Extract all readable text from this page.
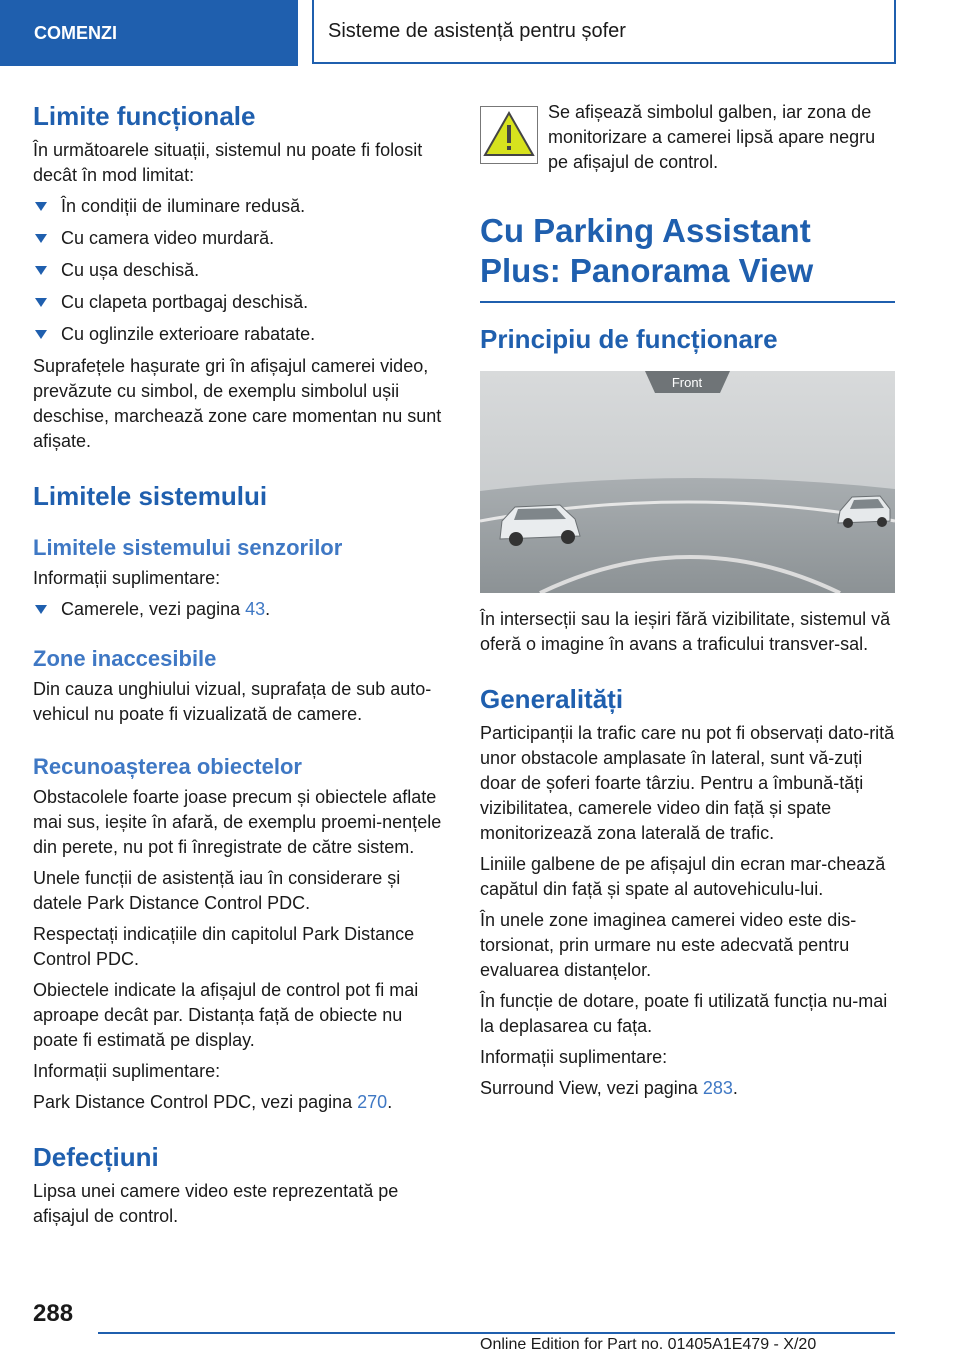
COMENZI	Sisteme de asistență pentru șofer
Limite funcționale

În următoarele situații, sistemul nu poate fi folosit decât în mod limitat:

În condiții de iluminare redusă.
Cu camera video murdară.
Cu ușa deschisă.
Cu clapeta portbagaj deschisă.
Cu oglinzile exterioare rabatate.

Suprafețele hașurate gri în afișajul camerei video, prevăzute cu simbol, de exemplu simbolul ușii deschise, marchează zone care momentan nu sunt afișate.

Limitele sistemului
Limitele sistemului senzorilor

Informații suplimentare:

Camerele, vezi pagina 43.
Zone inaccesibile

Din cauza unghiului vizual, suprafața de sub auto-vehicul nu poate fi vizualizată de camere.

Recunoașterea obiectelor

Obstacolele foarte joase precum și obiectele aflate mai sus, ieșite în afară, de exemplu proemi-nențele din perete, nu pot fi înregistrate de către sistem.

Unele funcții de asistență iau în considerare și datele Park Distance Control PDC.

Respectați indicațiile din capitolul Park Distance Control PDC.

Obiectele indicate la afișajul de control pot fi mai aproape decât par. Distanța față de obiecte nu poate fi estimată pe display.

Informații suplimentare:

Park Distance Control PDC, vezi pagina 270.

Defecțiuni

Lipsa unei camere video este reprezentată pe afișajul de control.

Se afișează simbolul galben, iar zona de monitorizare a camerei lipsă apare negru pe afișajul de control.
Cu Parking Assistant Plus: Panorama View
Principiu de funcționare
Front

În intersecții sau la ieșiri fără vizibilitate, sistemul vă oferă o imagine în avans a traficului transver-sal.

Generalități

Participanții la trafic care nu pot fi observați dato-rită unor obstacole amplasate în lateral, sunt vă-zuți doar de șoferi foarte târziu. Pentru a îmbună-tăți vizibilitatea, camerele video din față și spate monitorizează zona laterală de trafic.

Liniile galbene de pe afișajul din ecran mar-chează capătul din față și spate al autovehiculu-lui.

În unele zone imaginea camerei video este dis-torsionat, prin urmare nu este adecvată pentru evaluarea distanțelor.

În funcție de dotare, poate fi utilizată funcția nu-mai la deplasarea cu fața.

Informații suplimentare:

Surround View, vezi pagina 283.

288
Online Edition for Part no. 01405A1E479 - X/20
